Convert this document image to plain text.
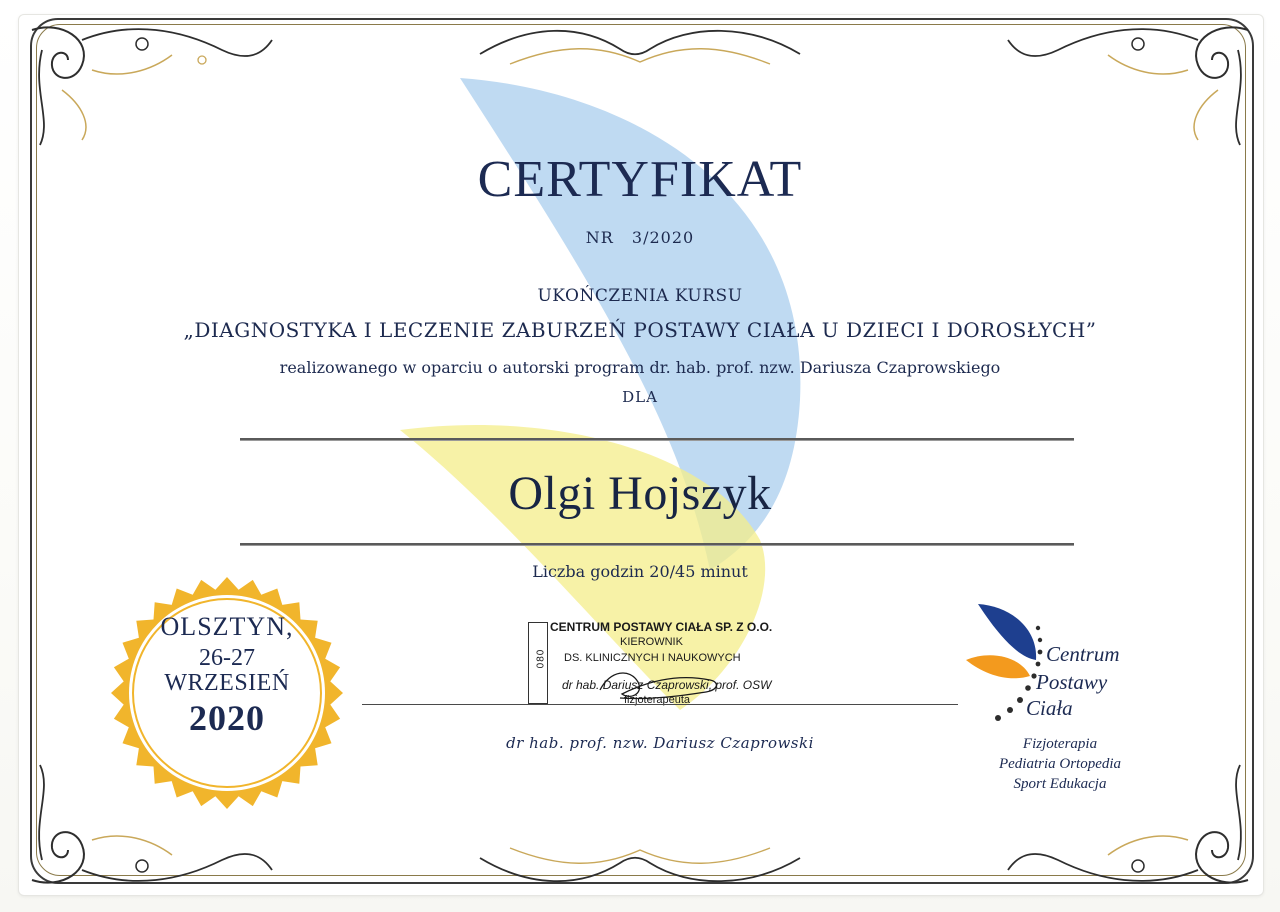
CERTYFIKAT
NR 3/2020
UKOŃCZENIA KURSU
„DIAGNOSTYKA I LECZENIE ZABURZEŃ POSTAWY CIAŁA U DZIECI I DOROSŁYCH”
realizowanego w oparciu o autorski program dr. hab. prof. nzw. Dariusza Czaprowskiego
DLA
Olgi Hojszyk
Liczba godzin 20/45 minut
OLSZTYN,
26-27
WRZESIEŃ
2020
080
CENTRUM POSTAWY CIAŁA SP. Z O.O.
KIEROWNIK
DS. KLINICZNYCH I NAUKOWYCH
dr hab. Dariusz Czaprowski, prof. OSW
fizjoterapeuta
dr hab. prof. nzw. Dariusz Czaprowski
Centrum
Postawy
Ciała
Fizjoterapia
Pediatria Ortopedia
Sport Edukacja
